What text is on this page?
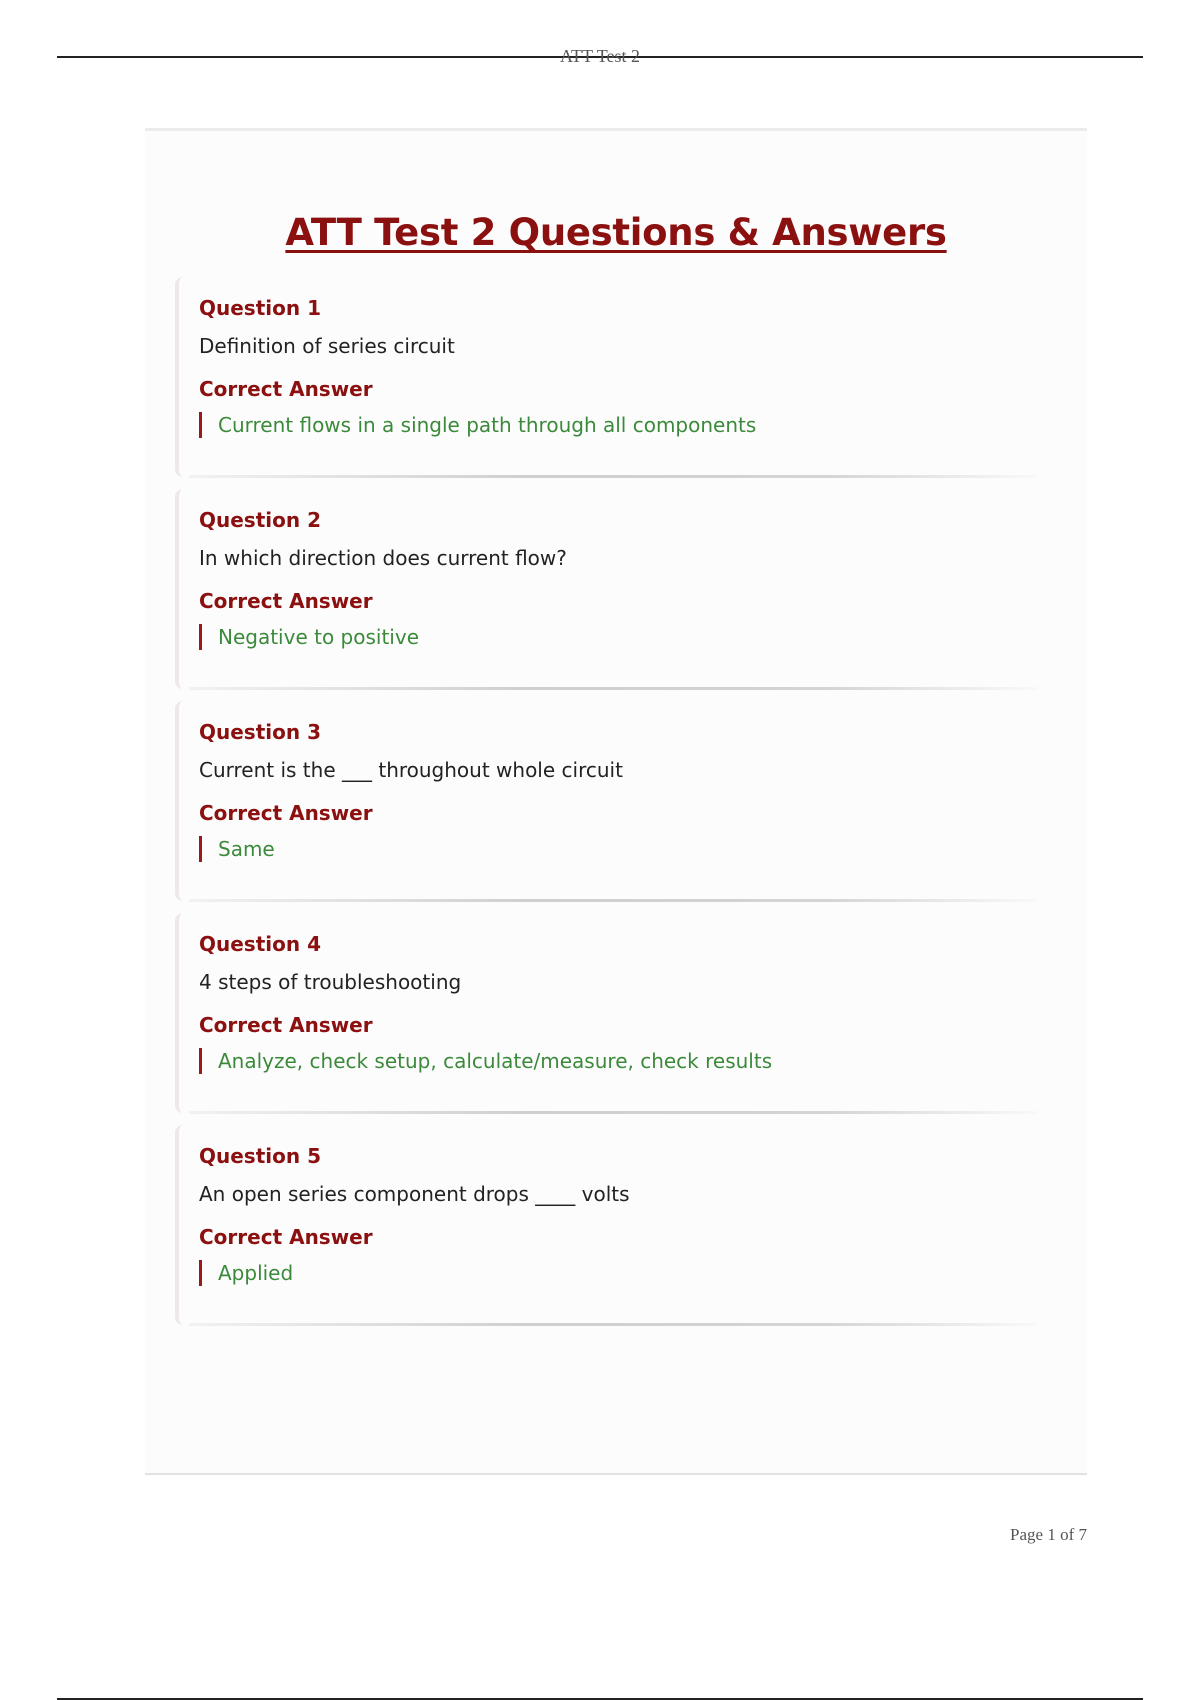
ATT Test 2
ATT Test 2 Questions & Answers
Question 1
Definition of series circuit
Correct Answer
Current flows in a single path through all components
Question 2
In which direction does current flow?
Correct Answer
Negative to positive
Question 3
Current is the ___ throughout whole circuit
Correct Answer
Same
Question 4
4 steps of troubleshooting
Correct Answer
Analyze, check setup, calculate/measure, check results
Question 5
An open series component drops ____ volts
Correct Answer
Applied
Page 1 of 7
